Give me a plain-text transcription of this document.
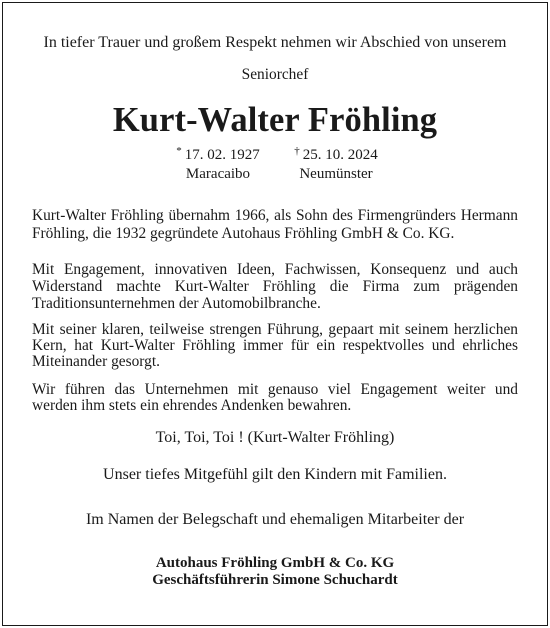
In tiefer Trauer und großem Respekt nehmen wir Abschied von unserem
Seniorchef
Kurt-Walter Fröhling
* 17. 02. 1927
Maracaibo
† 25. 10. 2024
Neumünster
Kurt-Walter Fröhling übernahm 1966, als Sohn des Firmengründers Hermann
Fröhling, die 1932 gegründete Autohaus Fröhling GmbH & Co. KG.
Mit Engagement, innovativen Ideen, Fachwissen, Konsequenz und auch
Widerstand machte Kurt-Walter Fröhling die Firma zum prägenden
Traditionsunternehmen der Automobilbranche.
Mit seiner klaren, teilweise strengen Führung, gepaart mit seinem herzlichen
Kern, hat Kurt-Walter Fröhling immer für ein respektvolles und ehrliches
Miteinander gesorgt.
Wir führen das Unternehmen mit genauso viel Engagement weiter und
werden ihm stets ein ehrendes Andenken bewahren.
Toi, Toi, Toi ! (Kurt-Walter Fröhling)
Unser tiefes Mitgefühl gilt den Kindern mit Familien.
Im Namen der Belegschaft und ehemaligen Mitarbeiter der
Autohaus Fröhling GmbH & Co. KG
Geschäftsführerin Simone Schuchardt
